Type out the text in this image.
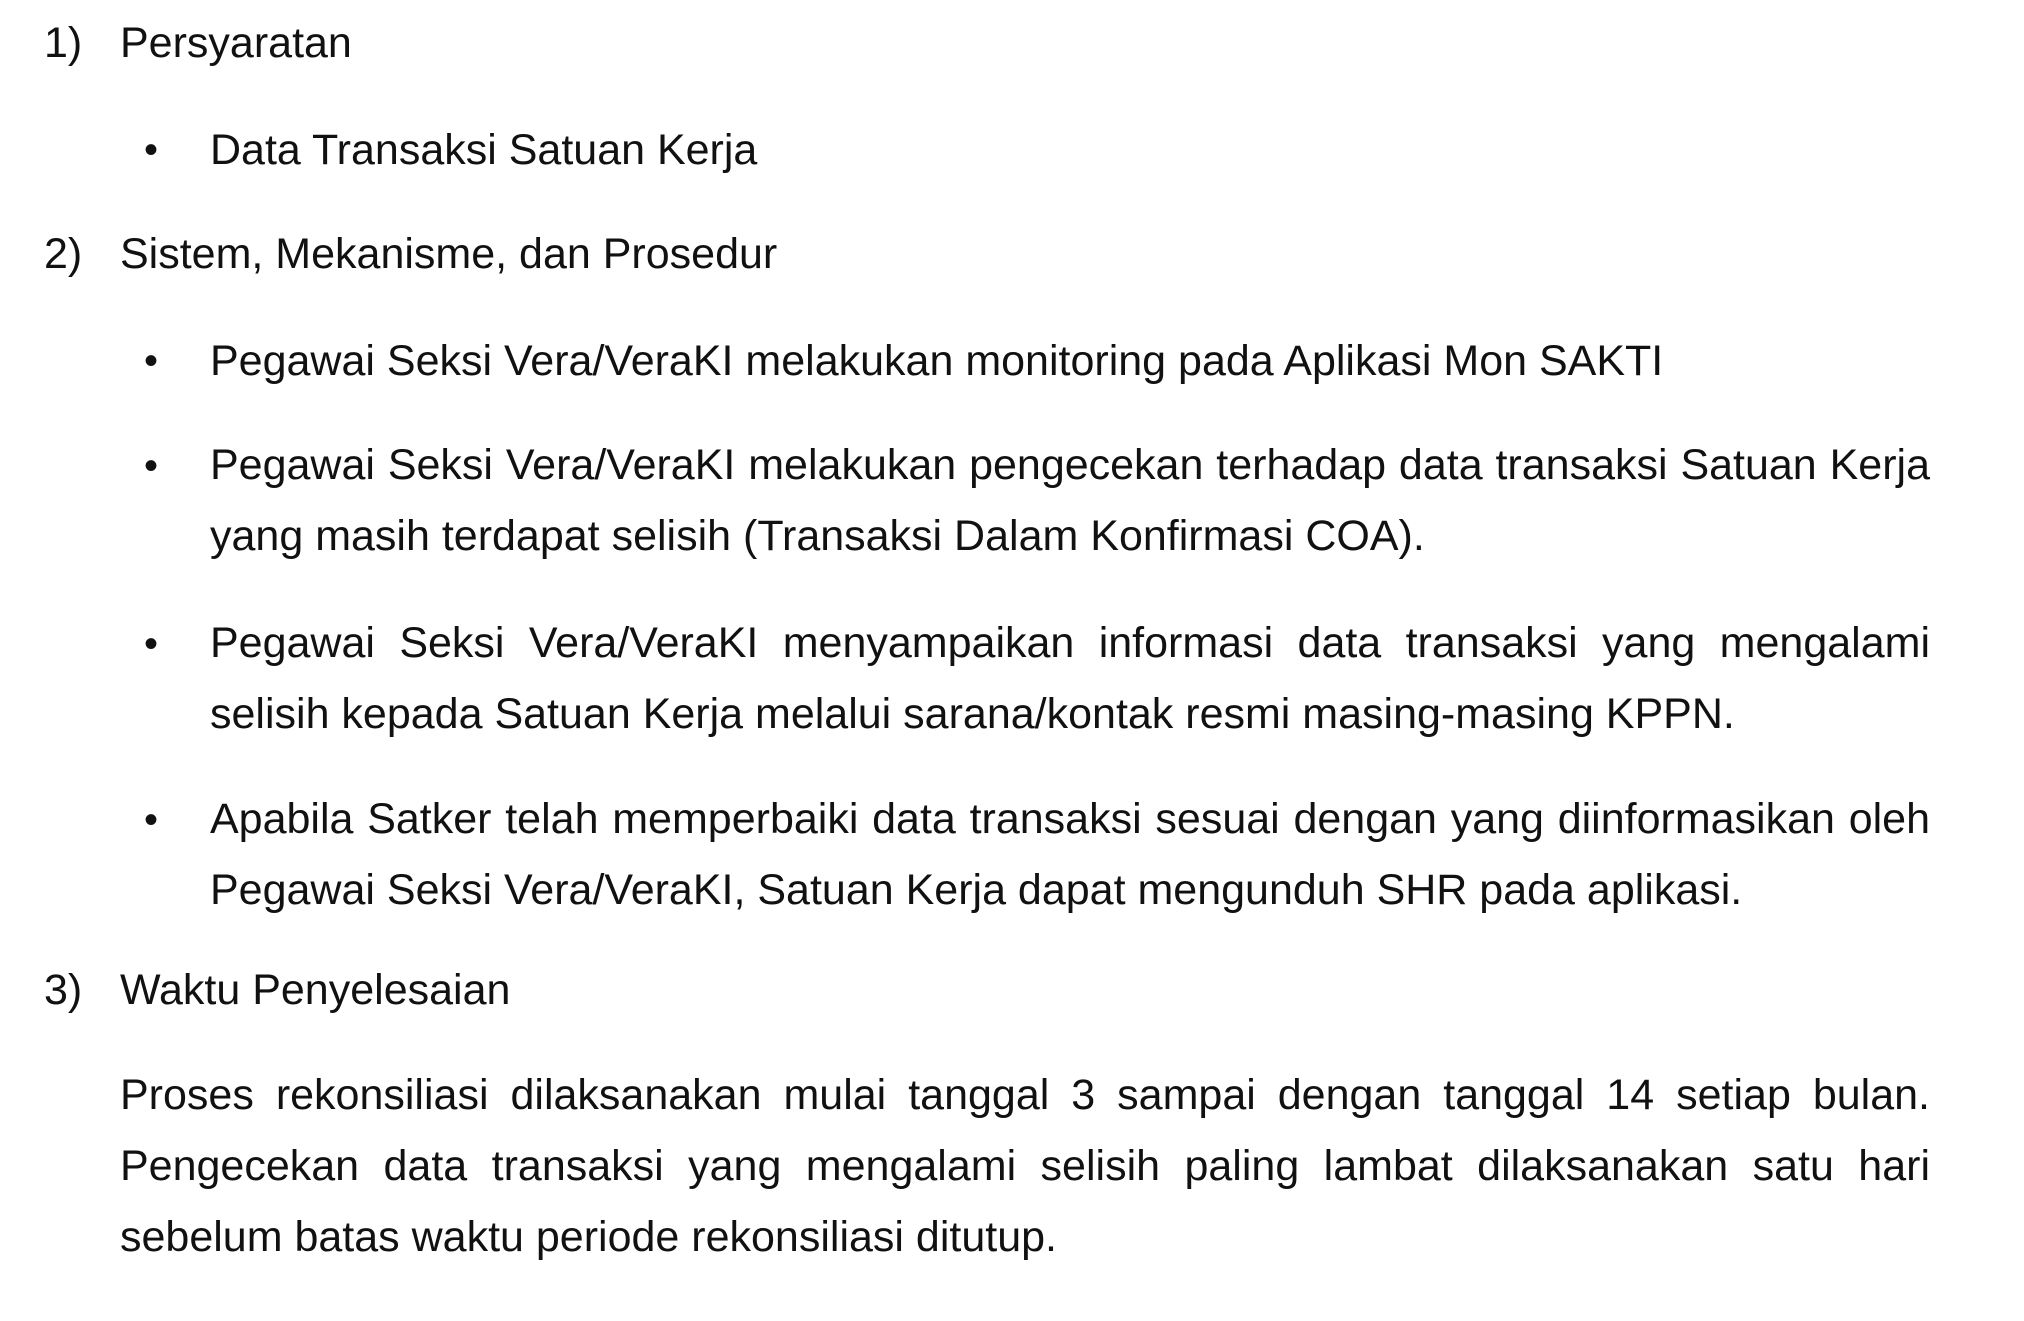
1) Persyaratan
• Data Transaksi Satuan Kerja
2) Sistem, Mekanisme, dan Prosedur
• Pegawai Seksi Vera/VeraKI melakukan monitoring pada Aplikasi Mon SAKTI
• Pegawai Seksi Vera/VeraKI melakukan pengecekan terhadap data transaksi Satuan Kerja yang masih terdapat selisih (Transaksi Dalam Konfirmasi COA).
• Pegawai Seksi Vera/VeraKI menyampaikan informasi data transaksi yang mengalami selisih kepada Satuan Kerja melalui sarana/kontak resmi masing-masing KPPN.
• Apabila Satker telah memperbaiki data transaksi sesuai dengan yang diinformasikan oleh Pegawai Seksi Vera/VeraKI, Satuan Kerja dapat mengunduh SHR pada aplikasi.
3) Waktu Penyelesaian
Proses rekonsiliasi dilaksanakan mulai tanggal 3 sampai dengan tanggal 14 setiap bulan. Pengecekan data transaksi yang mengalami selisih paling lambat dilaksanakan satu hari sebelum batas waktu periode rekonsiliasi ditutup.
